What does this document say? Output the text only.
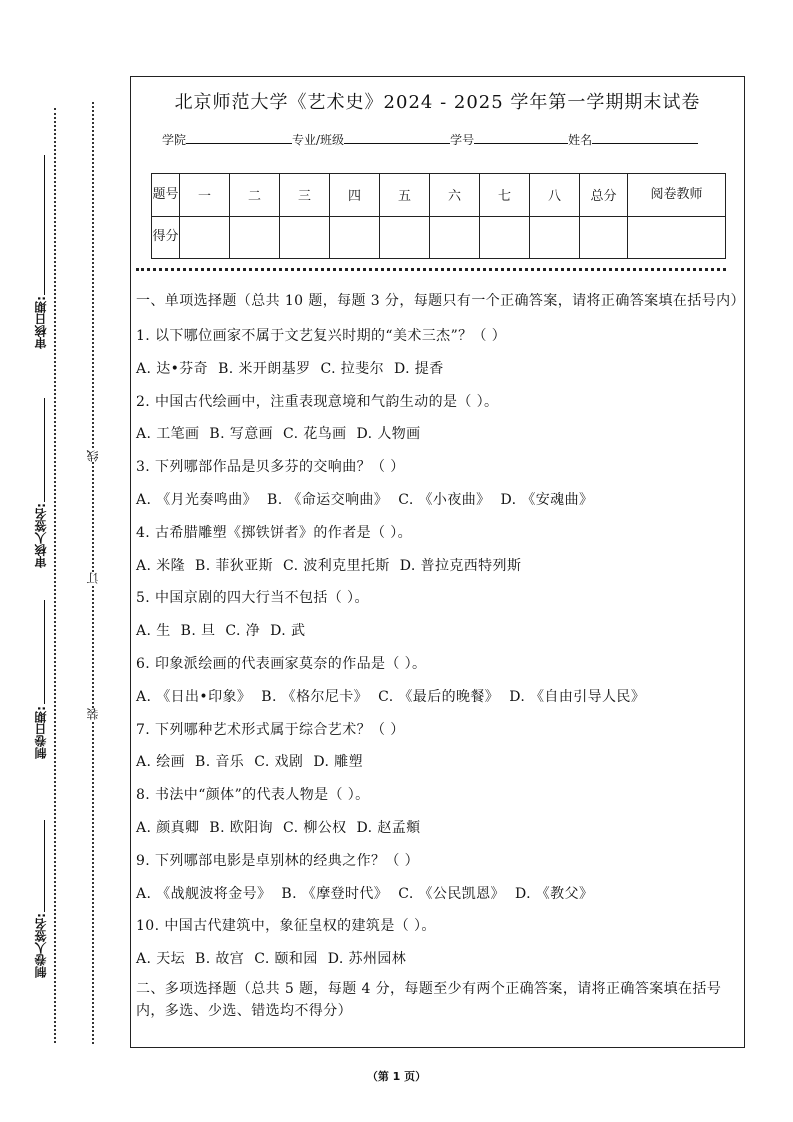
审核日期:
审核人签名:
制卷日期:
制卷人签名:
线
订
装
北京师范大学《艺术史》2024 - 2025 学年第一学期期末试卷
学院	专业/班级	学号	姓名
题号	一	二	三	四	五	六	七	八	总分	阅卷教师
得分										

一、单项选择题（总共 10 题，每题 3 分，每题只有一个正确答案，请将正确答案填在括号内）

1. 以下哪位画家不属于文艺复兴时期的“美术三杰”？（ ）

A. 达•芬奇 B. 米开朗基罗 C. 拉斐尔 D. 提香

2. 中国古代绘画中，注重表现意境和气韵生动的是（ ）。

A. 工笔画 B. 写意画 C. 花鸟画 D. 人物画

3. 下列哪部作品是贝多芬的交响曲？（ ）

A. 《月光奏鸣曲》 B. 《命运交响曲》 C. 《小夜曲》 D. 《安魂曲》

4. 古希腊雕塑《掷铁饼者》的作者是（ ）。

A. 米隆 B. 菲狄亚斯 C. 波利克里托斯 D. 普拉克西特列斯

5. 中国京剧的四大行当不包括（ ）。

A. 生 B. 旦 C. 净 D. 武

6. 印象派绘画的代表画家莫奈的作品是（ ）。

A. 《日出•印象》 B. 《格尔尼卡》 C. 《最后的晚餐》 D. 《自由引导人民》

7. 下列哪种艺术形式属于综合艺术？（ ）

A. 绘画 B. 音乐 C. 戏剧 D. 雕塑

8. 书法中“颜体”的代表人物是（ ）。

A. 颜真卿 B. 欧阳询 C. 柳公权 D. 赵孟頫

9. 下列哪部电影是卓别林的经典之作？（ ）

A. 《战舰波将金号》 B. 《摩登时代》 C. 《公民凯恩》 D. 《教父》

10. 中国古代建筑中，象征皇权的建筑是（ ）。

A. 天坛 B. 故宫 C. 颐和园 D. 苏州园林

二、多项选择题（总共 5 题，每题 4 分，每题至少有两个正确答案，请将正确答案填在括号内，多选、少选、错选均不得分）

（第 1 页）
